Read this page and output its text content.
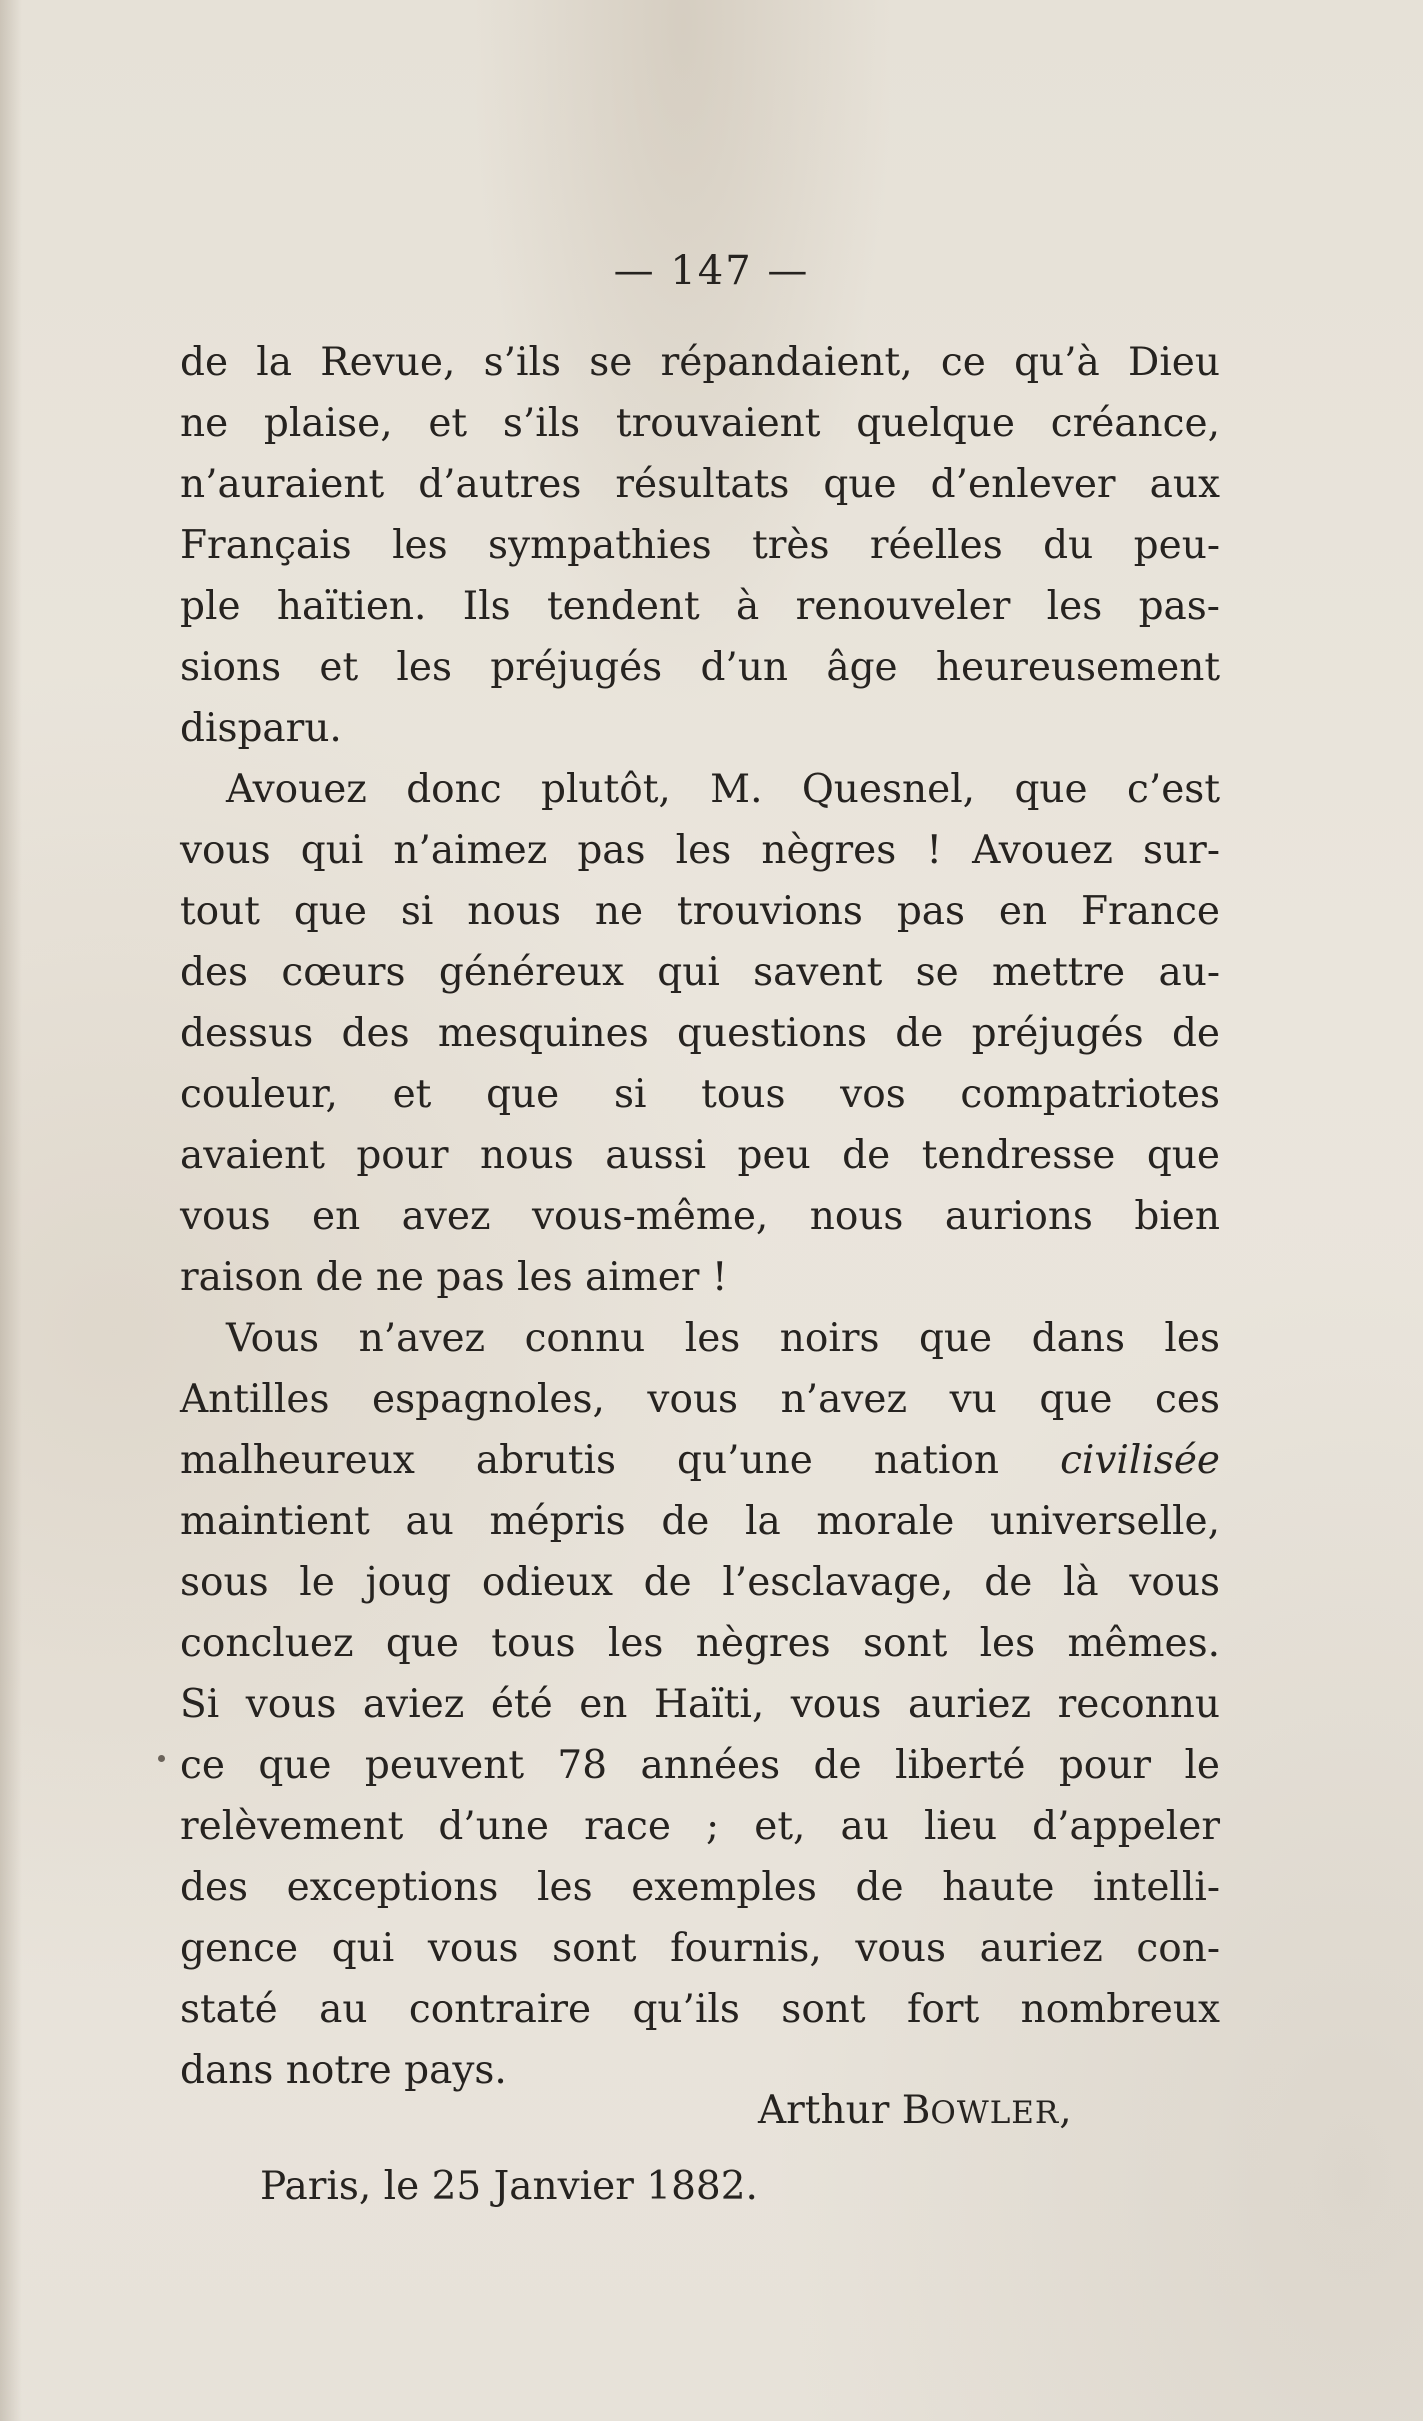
— 147 —
de la Revue, s’ils se répandaient, ce qu’à Dieu
ne plaise, et s’ils trouvaient quelque créance,
n’auraient d’autres résultats que d’enlever aux
Français les sympathies très réelles du peu-
ple haïtien. Ils tendent à renouveler les pas-
sions et les préjugés d’un âge heureusement
disparu.
Avouez donc plutôt, M. Quesnel, que c’est
vous qui n’aimez pas les nègres ! Avouez sur-
tout que si nous ne trouvions pas en France
des cœurs généreux qui savent se mettre au-
dessus des mesquines questions de préjugés de
couleur, et que si tous vos compatriotes
avaient pour nous aussi peu de tendresse que
vous en avez vous-même, nous aurions bien
raison de ne pas les aimer !
Vous n’avez connu les noirs que dans les
Antilles espagnoles, vous n’avez vu que ces
malheureux abrutis qu’une nation civilisée
maintient au mépris de la morale universelle,
sous le joug odieux de l’esclavage, de là vous
concluez que tous les nègres sont les mêmes.
Si vous aviez été en Haïti, vous auriez reconnu
ce que peuvent 78 années de liberté pour le
relèvement d’une race ; et, au lieu d’appeler
des exceptions les exemples de haute intelli-
gence qui vous sont fournis, vous auriez con-
staté au contraire qu’ils sont fort nombreux
dans notre pays.
Arthur BOWLER,
Paris, le 25 Janvier 1882.
